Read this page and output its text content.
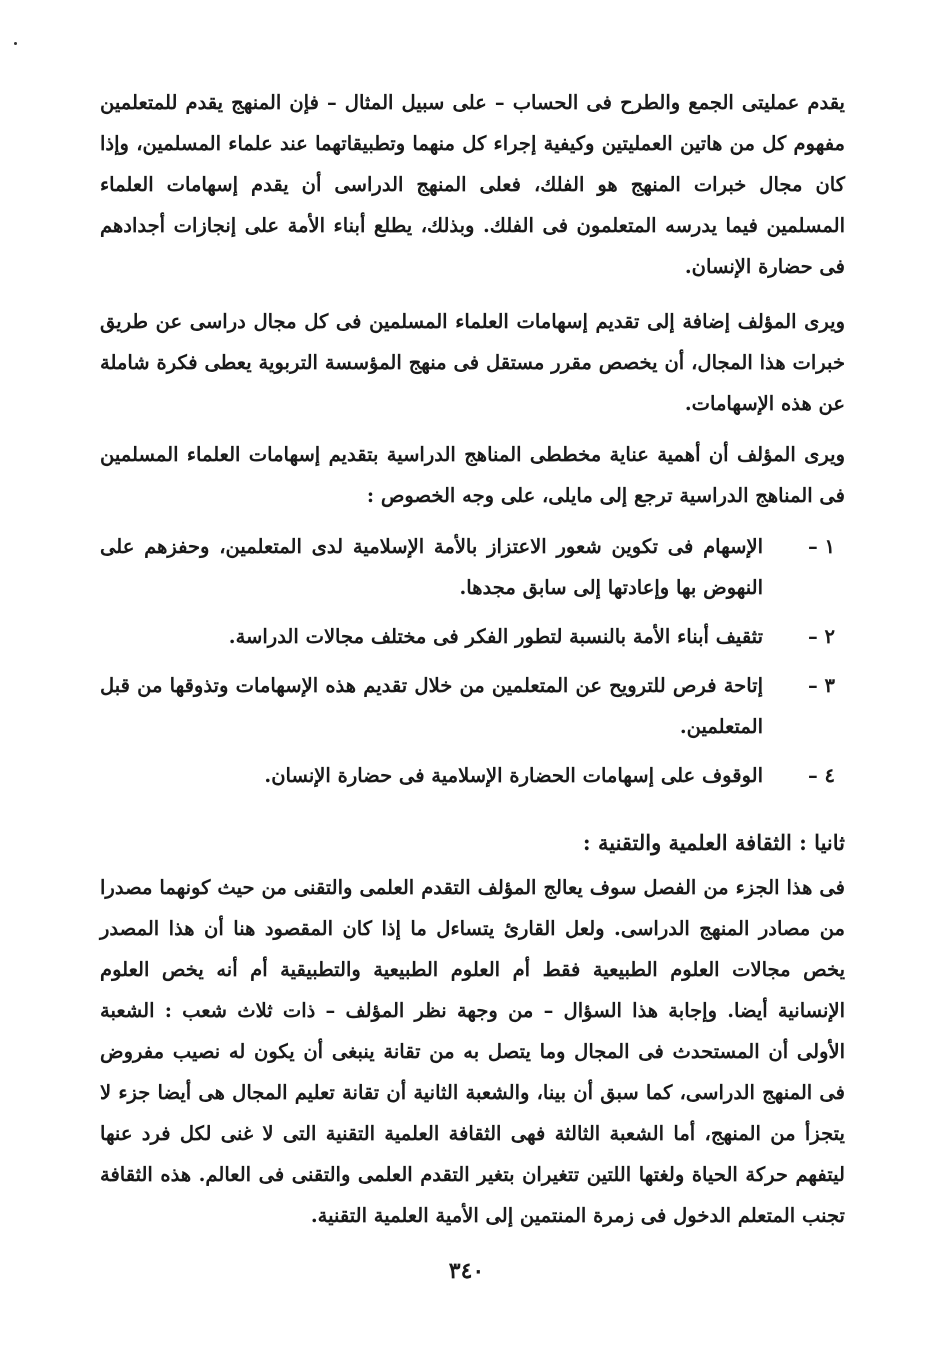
يقدم عمليتى الجمع والطرح فى الحساب – على سبيل المثال – فإن المنهج يقدم للمتعلمين مفهوم كل من هاتين العمليتين وكيفية إجراء كل منهما وتطبيقاتهما عند علماء المسلمين، وإذا كان مجال خبرات المنهج هو الفلك، فعلى المنهج الدراسى أن يقدم إسهامات العلماء المسلمين فيما يدرسه المتعلمون فى الفلك. وبذلك، يطلع أبناء الأمة على إنجازات أجدادهم فى حضارة الإنسان.

ويرى المؤلف إضافة إلى تقديم إسهامات العلماء المسلمين فى كل مجال دراسى عن طريق خبرات هذا المجال، أن يخصص مقرر مستقل فى منهج المؤسسة التربوية يعطى فكرة شاملة عن هذه الإسهامات.

ويرى المؤلف أن أهمية عناية مخططى المناهج الدراسية بتقديم إسهامات العلماء المسلمين فى المناهج الدراسية ترجع إلى مايلى، على وجه الخصوص :

١ –
الإسهام فى تكوين شعور الاعتزاز بالأمة الإسلامية لدى المتعلمين، وحفزهم على النهوض بها وإعادتها إلى سابق مجدها.
٢ –
تثقيف أبناء الأمة بالنسبة لتطور الفكر فى مختلف مجالات الدراسة.
٣ –
إتاحة فرص للترويح عن المتعلمين من خلال تقديم هذه الإسهامات وتذوقها من قبل المتعلمين.
٤ –
الوقوف على إسهامات الحضارة الإسلامية فى حضارة الإنسان.
ثانيا : الثقافة العلمية والتقنية :

فى هذا الجزء من الفصل سوف يعالج المؤلف التقدم العلمى والتقنى من حيث كونهما مصدرا من مصادر المنهج الدراسى. ولعل القارئ يتساءل ما إذا كان المقصود هنا أن هذا المصدر يخص مجالات العلوم الطبيعية فقط أم العلوم الطبيعية والتطبيقية أم أنه يخص العلوم الإنسانية أيضا. وإجابة هذا السؤال – من وجهة نظر المؤلف – ذات ثلاث شعب : الشعبة الأولى أن المستحدث فى المجال وما يتصل به من تقانة ينبغى أن يكون له نصيب مفروض فى المنهج الدراسى، كما سبق أن بينا، والشعبة الثانية أن تقانة تعليم المجال هى أيضا جزء لا يتجزأ من المنهج، أما الشعبة الثالثة فهى الثقافة العلمية التقنية التى لا غنى لكل فرد عنها ليتفهم حركة الحياة ولغتها اللتين تتغيران بتغير التقدم العلمى والتقنى فى العالم. هذه الثقافة تجنب المتعلم الدخول فى زمرة المنتمين إلى الأمية العلمية التقنية.

٣٤٠
